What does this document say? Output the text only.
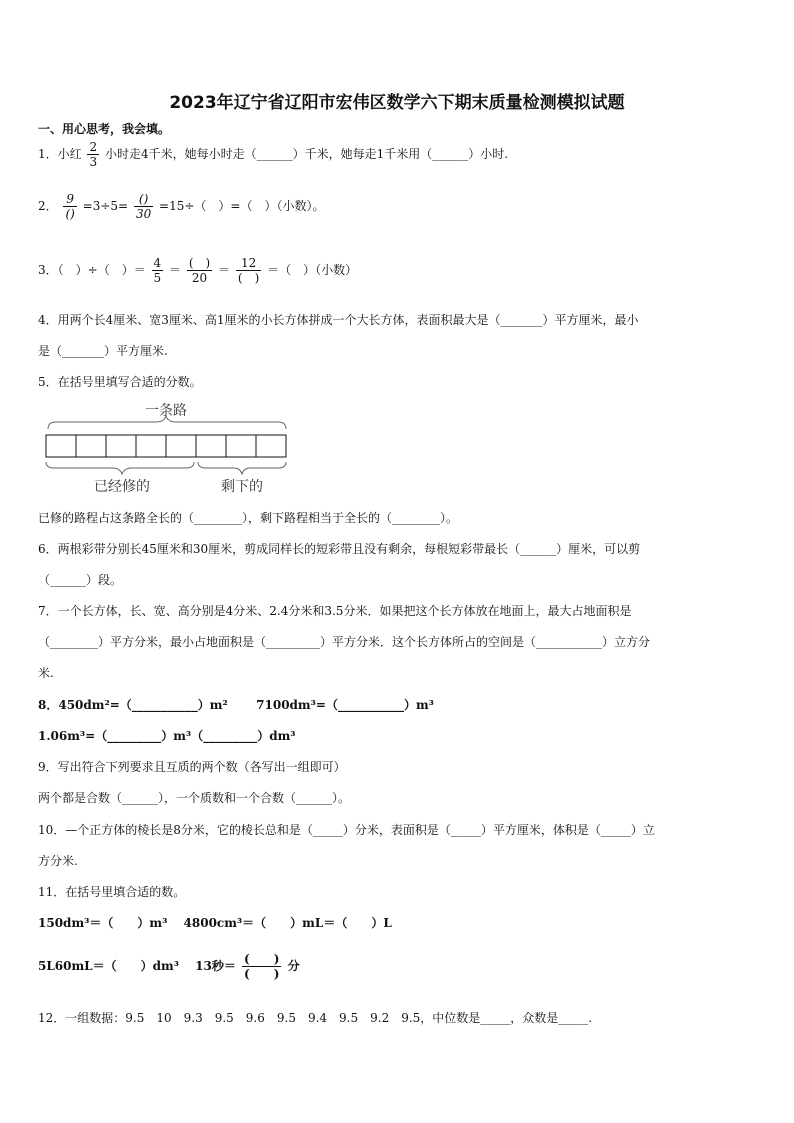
2023年辽宁省辽阳市宏伟区数学六下期末质量检测模拟试题
一、用心思考，我会填。
1．小红 $\frac{2}{3}$ 小时走4千米，她每小时走（______）千米，她每走1千米用（______）小时.
2． $\frac{9}{()} =3\div 5= \frac{()}{30} =15\div$（　）=（　）（小数）。
3．（　）÷（　）＝ $\frac{4}{5} = \frac{( )}{20} = \frac{12}{( )}$ ＝（　）（小数）
4．用两个长4厘米、宽3厘米、高1厘米的小长方体拼成一个大长方体，表面积最大是（_______）平方厘米，最小
是（_______）平方厘米.
5．在括号里填写合适的分数。
一条路
已经修的	剩下的
已修的路程占这条路全长的（________），剩下路程相当于全长的（________）。
6．两根彩带分别长45厘米和30厘米，剪成同样长的短彩带且没有剩余，每根短彩带最长（______）厘米，可以剪
（______）段。
7．一个长方体，长、宽、高分别是4分米、2.4分米和3.5分米．如果把这个长方体放在地面上，最大占地面积是
（________）平方分米，最小占地面积是（_________）平方分米．这个长方体所占的空间是（___________）立方分
米.
8．450dm²=（___________）m² 7100dm³=（___________）m³
1.06m³=（_________）m³（_________）dm³
9．写出符合下列要求且互质的两个数（各写出一组即可）
两个都是合数（______），一个质数和一个合数（______）。
10．—个正方体的棱长是8分米，它的棱长总和是（_____）分米，表面积是（_____）平方厘米，体积是（_____）立
方分米.
11．在括号里填合适的数。
150dm³＝（　　）m³　 4800cm³＝（　　）mL＝（　　）L
5L60mL＝（　　）dm³　 13秒＝ $\frac{( )}{( )}$ 分
12．一组数据：9.5　10　9.3　9.5　9.6　9.5　9.4　9.5　9.2　9.5，中位数是_____，众数是_____.
